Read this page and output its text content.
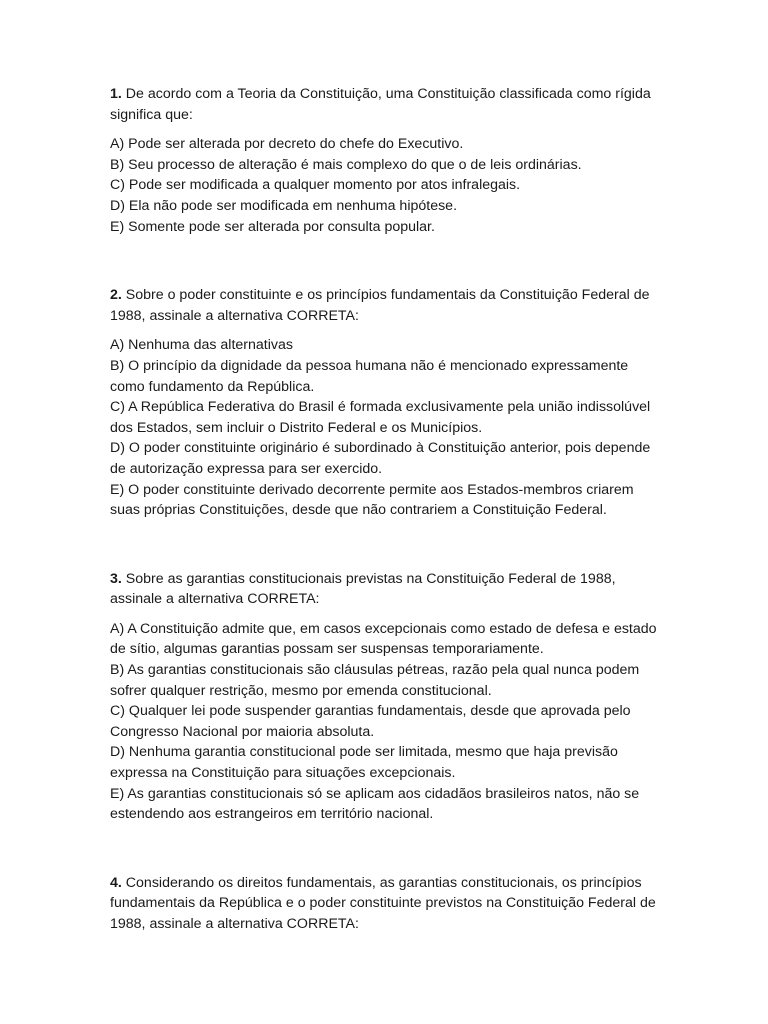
1. De acordo com a Teoria da Constituição, uma Constituição classificada como rígida significa que:

A) Pode ser alterada por decreto do chefe do Executivo.
B) Seu processo de alteração é mais complexo do que o de leis ordinárias.
C) Pode ser modificada a qualquer momento por atos infralegais.
D) Ela não pode ser modificada em nenhuma hipótese.
E) Somente pode ser alterada por consulta popular.

2. Sobre o poder constituinte e os princípios fundamentais da Constituição Federal de 1988, assinale a alternativa CORRETA:

A) Nenhuma das alternativas
B) O princípio da dignidade da pessoa humana não é mencionado expressamente como fundamento da República.
C) A República Federativa do Brasil é formada exclusivamente pela união indissolúvel dos Estados, sem incluir o Distrito Federal e os Municípios.
D) O poder constituinte originário é subordinado à Constituição anterior, pois depende de autorização expressa para ser exercido.
E) O poder constituinte derivado decorrente permite aos Estados-membros criarem suas próprias Constituições, desde que não contrariem a Constituição Federal.

3. Sobre as garantias constitucionais previstas na Constituição Federal de 1988, assinale a alternativa CORRETA:

A) A Constituição admite que, em casos excepcionais como estado de defesa e estado de sítio, algumas garantias possam ser suspensas temporariamente.
B) As garantias constitucionais são cláusulas pétreas, razão pela qual nunca podem sofrer qualquer restrição, mesmo por emenda constitucional.
C) Qualquer lei pode suspender garantias fundamentais, desde que aprovada pelo Congresso Nacional por maioria absoluta.
D) Nenhuma garantia constitucional pode ser limitada, mesmo que haja previsão expressa na Constituição para situações excepcionais.
E) As garantias constitucionais só se aplicam aos cidadãos brasileiros natos, não se estendendo aos estrangeiros em território nacional.

4. Considerando os direitos fundamentais, as garantias constitucionais, os princípios fundamentais da República e o poder constituinte previstos na Constituição Federal de 1988, assinale a alternativa CORRETA:
